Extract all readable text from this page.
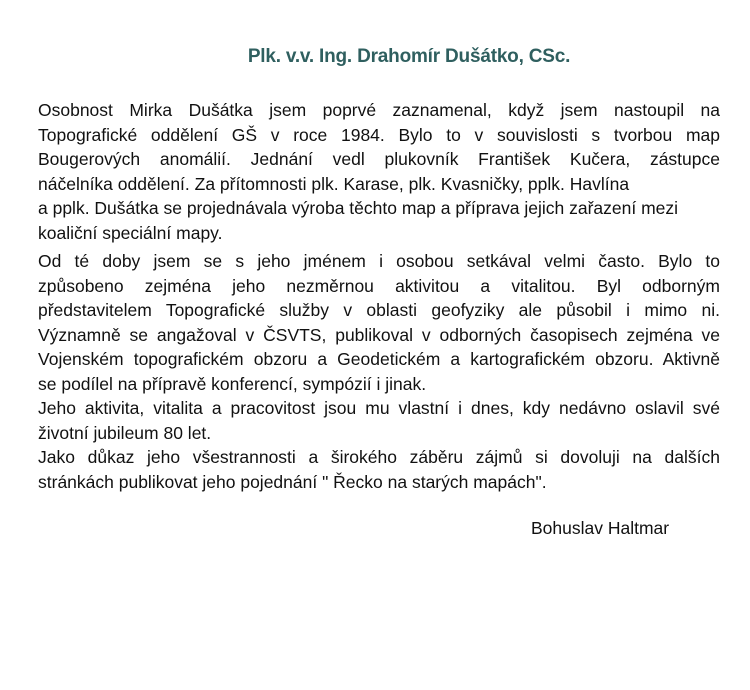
Plk. v.v. Ing. Drahomír Dušátko, CSc.
Osobnost Mirka Dušátka jsem poprvé zaznamenal, když jsem nastoupil na
Topografické oddělení GŠ v roce 1984. Bylo to v souvislosti s tvorbou map
Bougerových anomálií. Jednání vedl plukovník František Kučera, zástupce
náčelníka oddělení. Za přítomnosti plk. Karase, plk. Kvasničky, pplk. Havlína
a pplk. Dušátka se projednávala výroba těchto map a příprava jejich zařazení mezi
koaliční speciální mapy.
Od té doby jsem se s jeho jménem i osobou setkával velmi často. Bylo to
způsobeno zejména jeho nezměrnou aktivitou a vitalitou. Byl odborným
představitelem Topografické služby v oblasti geofyziky ale působil i mimo ni.
Významně se angažoval v ČSVTS, publikoval v odborných časopisech zejména ve
Vojenském topografickém obzoru a Geodetickém a kartografickém obzoru. Aktivně
se podílel na přípravě konferencí, sympózií i jinak.
Jeho aktivita, vitalita a pracovitost jsou mu vlastní i dnes, kdy nedávno oslavil své
životní jubileum 80 let.
Jako důkaz jeho všestrannosti a širokého záběru zájmů si dovoluji na dalších
stránkách publikovat jeho pojednání " Řecko na starých mapách".
Bohuslav Haltmar
